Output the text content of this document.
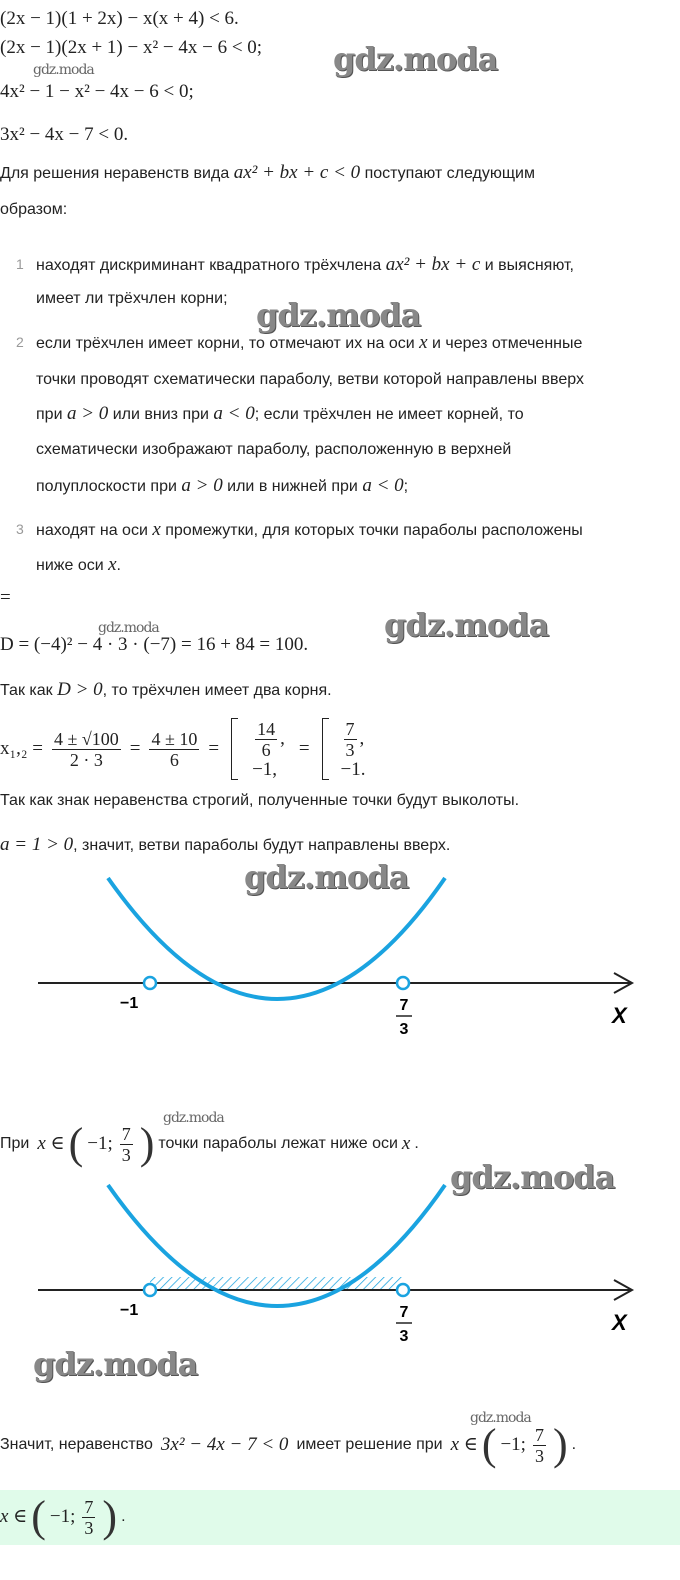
(2x − 1)(1 + 2x) − x(x + 4) < 6.
(2x − 1)(2x + 1) − x² − 4x − 6 < 0;
4x² − 1 − x² − 4x − 6 < 0;
3x² − 4x − 7 < 0.
Для решения неравенств вида ax² + bx + c < 0 поступают следующим
образом:
1 находят дискриминант квадратного трёхчлена ax² + bx + c и выясняют,
имеет ли трёхчлен корни;
2 если трёхчлен имеет корни, то отмечают их на оси x и через отмеченные
точки проводят схематически параболу, ветви которой направлены вверх
при a > 0 или вниз при a < 0; если трёхчлен не имеет корней, то
схематически изображают параболу, расположенную в верхней
полуплоскости при a > 0 или в нижней при a < 0;
3 находят на оси x промежутки, для которых точки параболы расположены
ниже оси x.
=
D = (−4)² − 4 · 3 · (−7) = 16 + 84 = 100.
Так как D > 0, то трёхчлен имеет два корня.
$x_1,_2 = \frac{4 \pm √100}{2 \cdot 3} = \frac{4 \pm 10}{6} = \frac{14}{6}$ ,
−1,
= $\frac{7}{3}$ ,
−1.
Так как знак неравенства строгий, полученные точки будут выколоты.
a = 1 > 0, значит, ветви параболы будут направлены вверх.
−1	7
3
X
При x ∈ ( −1; $\frac{7}{3}$ ) точки параболы лежат ниже оси x .
−1	7
3
X
Значит, неравенство 3x² − 4x − 7 < 0 имеет решение при x ∈ ( −1; $\frac{7}{3}$ ) .
x ∈ ( −1; $\frac{7}{3}$ ) .
gdz.moda
gdz.moda
gdz.moda
gdz.moda
gdz.moda
gdz.moda
gdz.moda
gdz.moda
gdz.moda
gdz.moda
